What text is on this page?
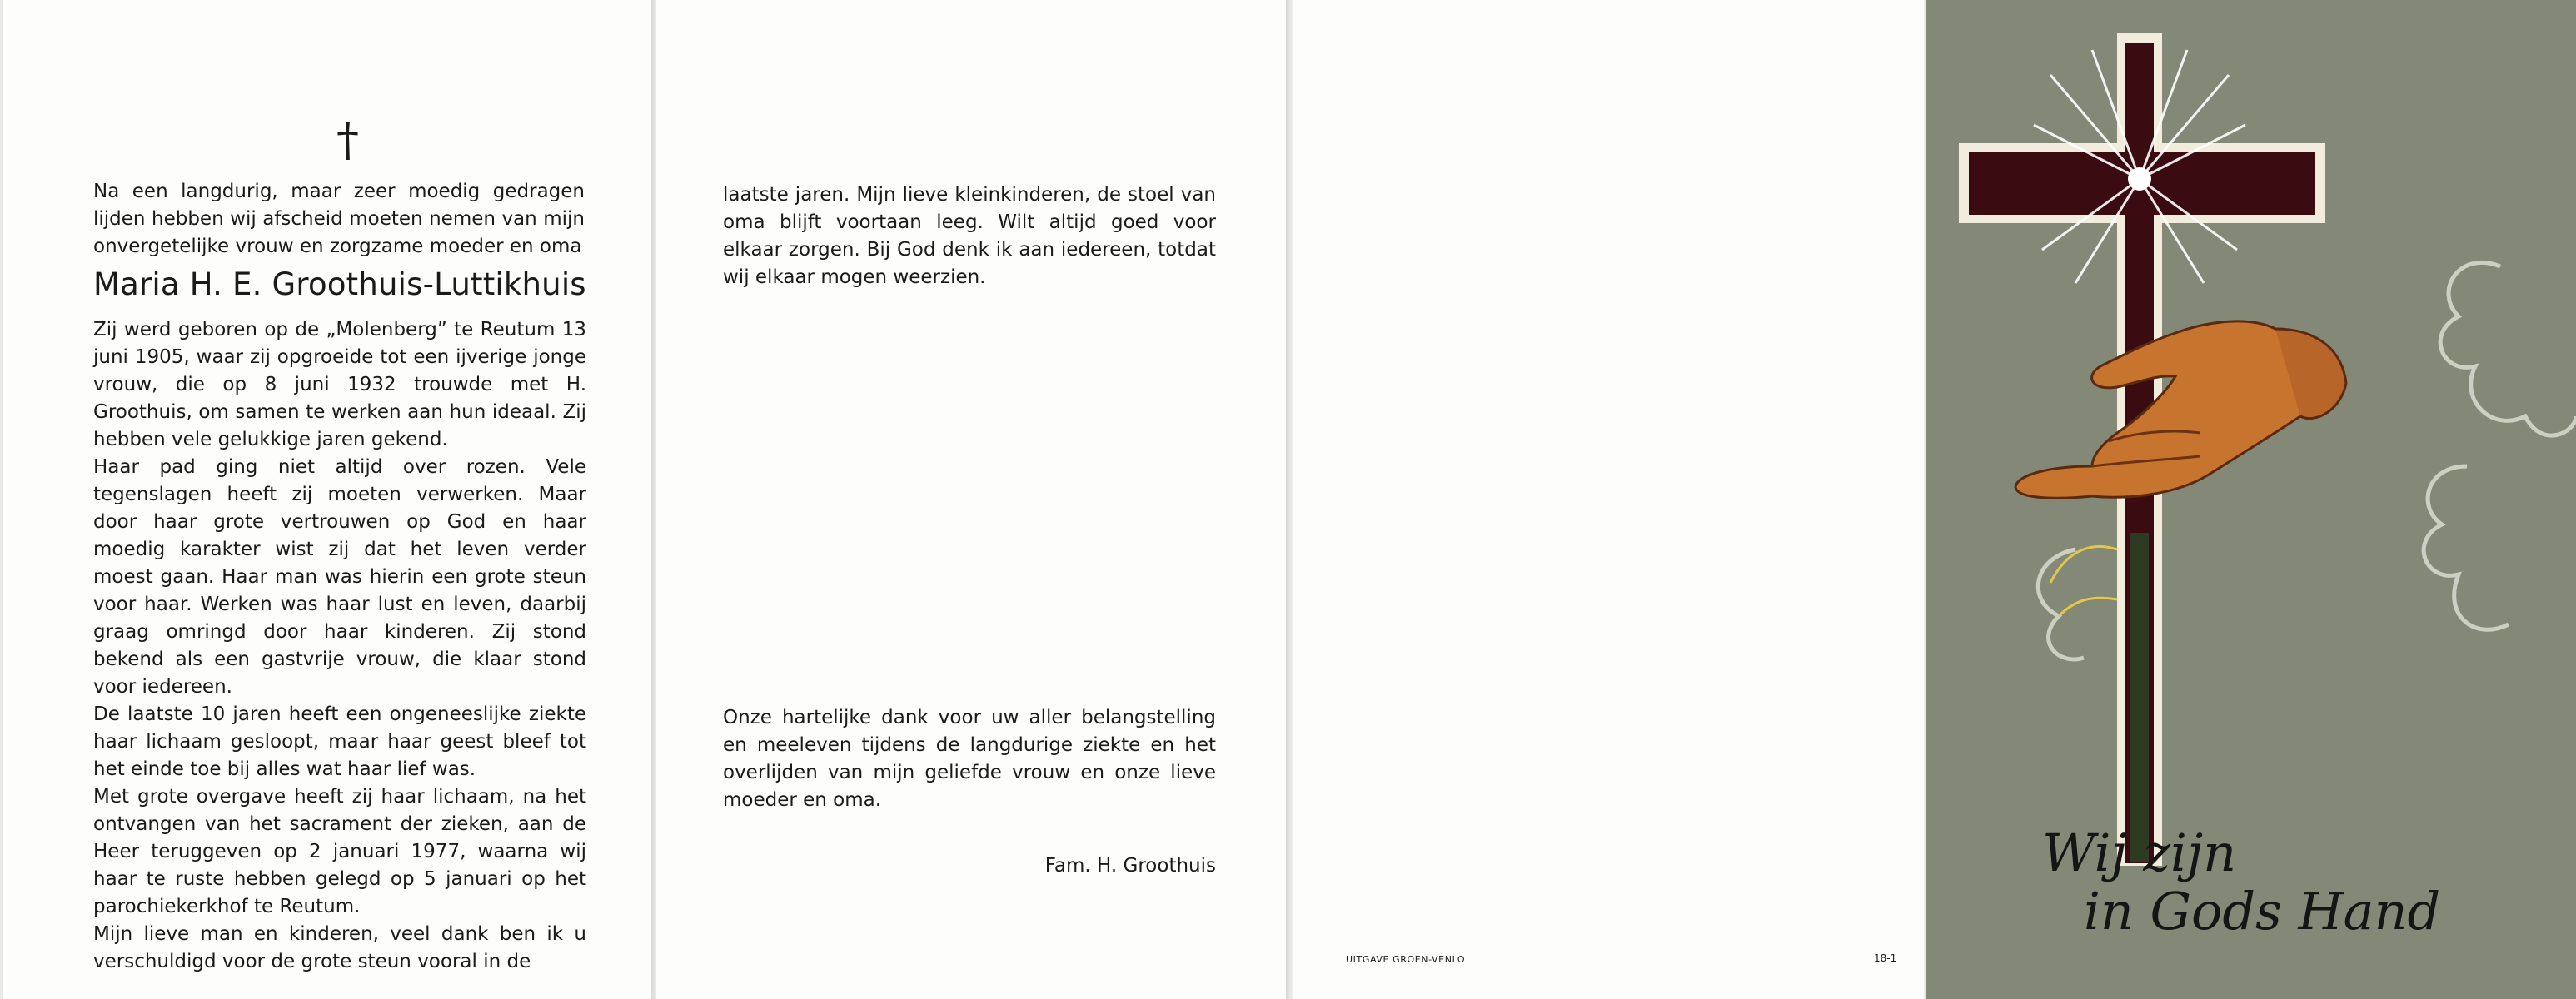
†

Na een langdurig, maar zeer moedig gedragen lijden hebben wij afscheid moeten nemen van mijn onvergetelijke vrouw en zorgzame moeder en oma

Maria H. E. Groothuis-Luttikhuis

Zij werd geboren op de „Molenberg” te Reutum 13 juni 1905, waar zij opgroeide tot een ijverige jonge vrouw, die op 8 juni 1932 trouwde met H. Groothuis, om samen te werken aan hun ideaal. Zij hebben vele gelukkige jaren gekend.

Haar pad ging niet altijd over rozen. Vele tegenslagen heeft zij moeten verwerken. Maar door haar grote vertrouwen op God en haar moedig karakter wist zij dat het leven verder moest gaan. Haar man was hierin een grote steun voor haar. Werken was haar lust en leven, daarbij graag omringd door haar kinderen. Zij stond bekend als een gastvrije vrouw, die klaar stond voor iedereen.

De laatste 10 jaren heeft een ongeneeslijke ziekte haar lichaam gesloopt, maar haar geest bleef tot het einde toe bij alles wat haar lief was.

Met grote overgave heeft zij haar lichaam, na het ontvangen van het sacrament der zieken, aan de Heer teruggeven op 2 januari 1977, waarna wij haar te ruste hebben gelegd op 5 januari op het parochiekerkhof te Reutum.

Mijn lieve man en kinderen, veel dank ben ik u verschuldigd voor de grote steun vooral in de

laatste jaren. Mijn lieve kleinkinderen, de stoel van oma blijft voortaan leeg. Wilt altijd goed voor elkaar zorgen. Bij God denk ik aan iedereen, totdat wij elkaar mogen weerzien.

Onze hartelijke dank voor uw aller belangstelling en meeleven tijdens de langdurige ziekte en het overlijden van mijn geliefde vrouw en onze lieve moeder en oma.

Fam. H. Groothuis
UITGAVE GROEN-VENLO	18-1
Wij zijn
in Gods Hand
